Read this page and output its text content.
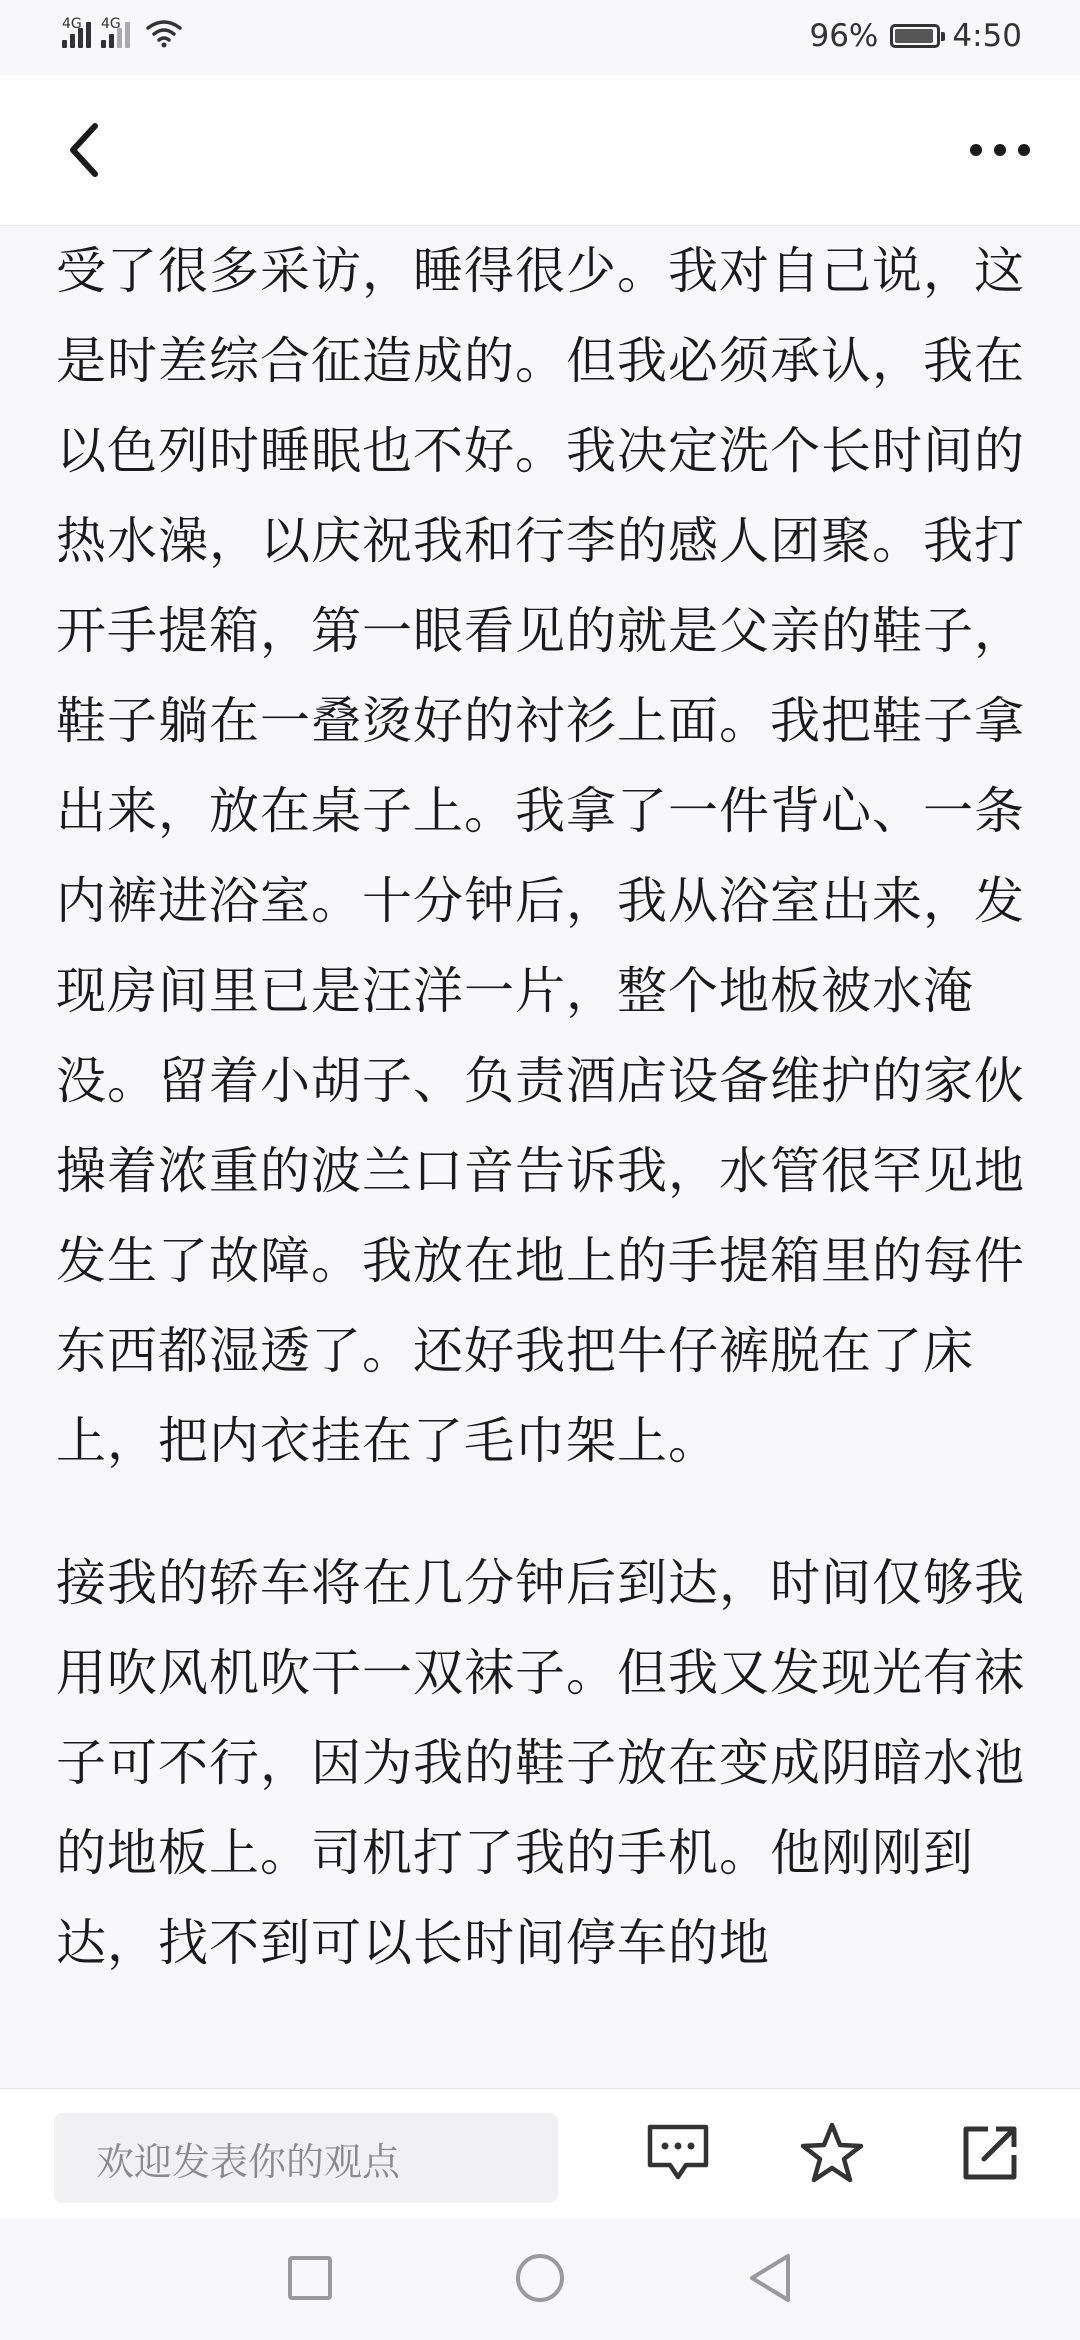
4G 4G	96% 4:50

受了很多采访，睡得很少。我对自己说，这是时差综合征造成的。但我必须承认，我在以色列时睡眠也不好。我决定洗个长时间的热水澡，以庆祝我和行李的感人团聚。我打开手提箱，第一眼看见的就是父亲的鞋子，鞋子躺在一叠烫好的衬衫上面。我把鞋子拿出来，放在桌子上。我拿了一件背心、一条内裤进浴室。十分钟后，我从浴室出来，发现房间里已是汪洋一片，整个地板被水淹没。留着小胡子、负责酒店设备维护的家伙操着浓重的波兰口音告诉我，水管很罕见地发生了故障。我放在地上的手提箱里的每件东西都湿透了。还好我把牛仔裤脱在了床上，把内衣挂在了毛巾架上。

接我的轿车将在几分钟后到达，时间仅够我用吹风机吹干一双袜子。但我又发现光有袜子可不行，因为我的鞋子放在变成阴暗水池的地板上。司机打了我的手机。他刚刚到达，找不到可以长时间停车的地

欢迎发表你的观点
